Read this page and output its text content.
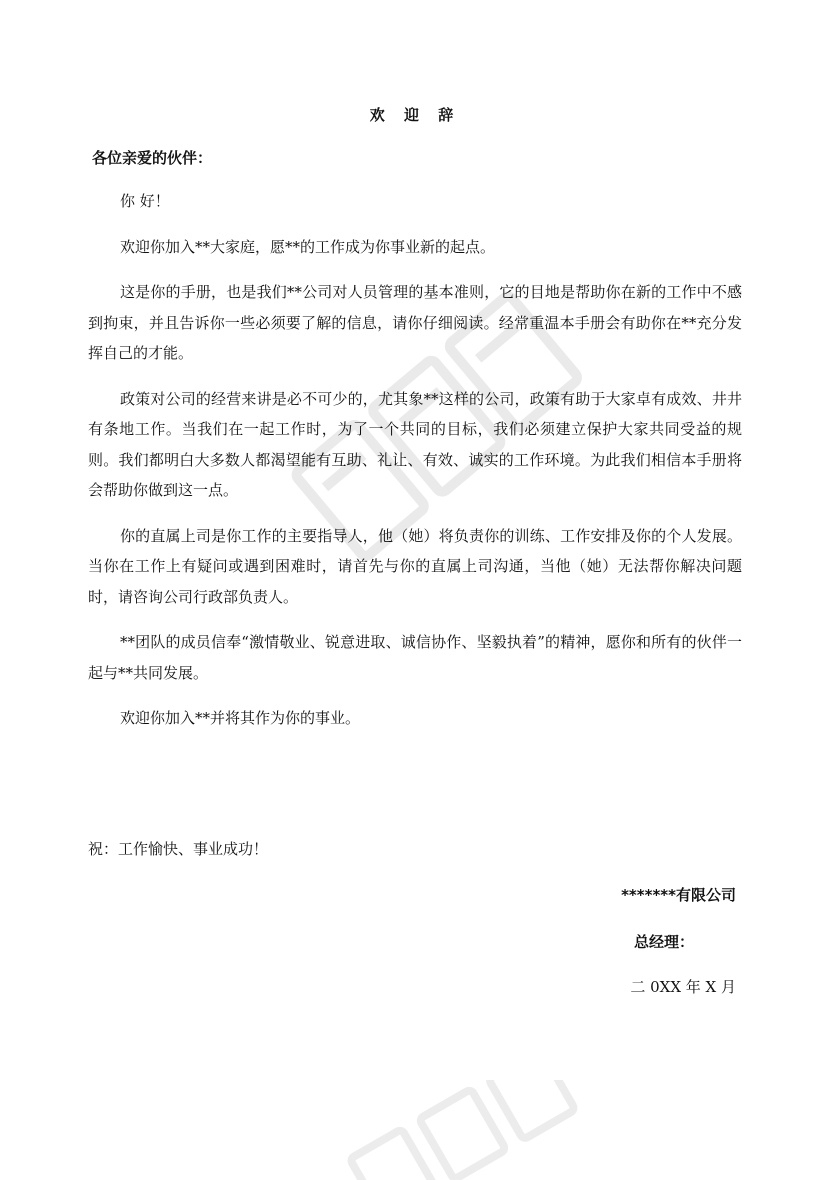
欢 迎 辞
各位亲爱的伙伴：

你 好！

欢迎你加入**大家庭，愿**的工作成为你事业新的起点。

这是你的手册，也是我们**公司对人员管理的基本准则，它的目地是帮助你在新的工作中不感到拘束，并且告诉你一些必须要了解的信息，请你仔细阅读。经常重温本手册会有助你在**充分发挥自己的才能。

政策对公司的经营来讲是必不可少的，尤其象**这样的公司，政策有助于大家卓有成效、井井有条地工作。当我们在一起工作时，为了一个共同的目标，我们必须建立保护大家共同受益的规则。我们都明白大多数人都渴望能有互助、礼让、有效、诚实的工作环境。为此我们相信本手册将会帮助你做到这一点。

你的直属上司是你工作的主要指导人，他（她）将负责你的训练、工作安排及你的个人发展。当你在工作上有疑问或遇到困难时，请首先与你的直属上司沟通，当他（她）无法帮你解决问题时，请咨询公司行政部负责人。

**团队的成员信奉“激情敬业、锐意进取、诚信协作、坚毅执着”的精神，愿你和所有的伙伴一起与**共同发展。

欢迎你加入**并将其作为你的事业。

祝：工作愉快、事业成功！
*******有限公司
总经理：
二 0XX 年 X 月
